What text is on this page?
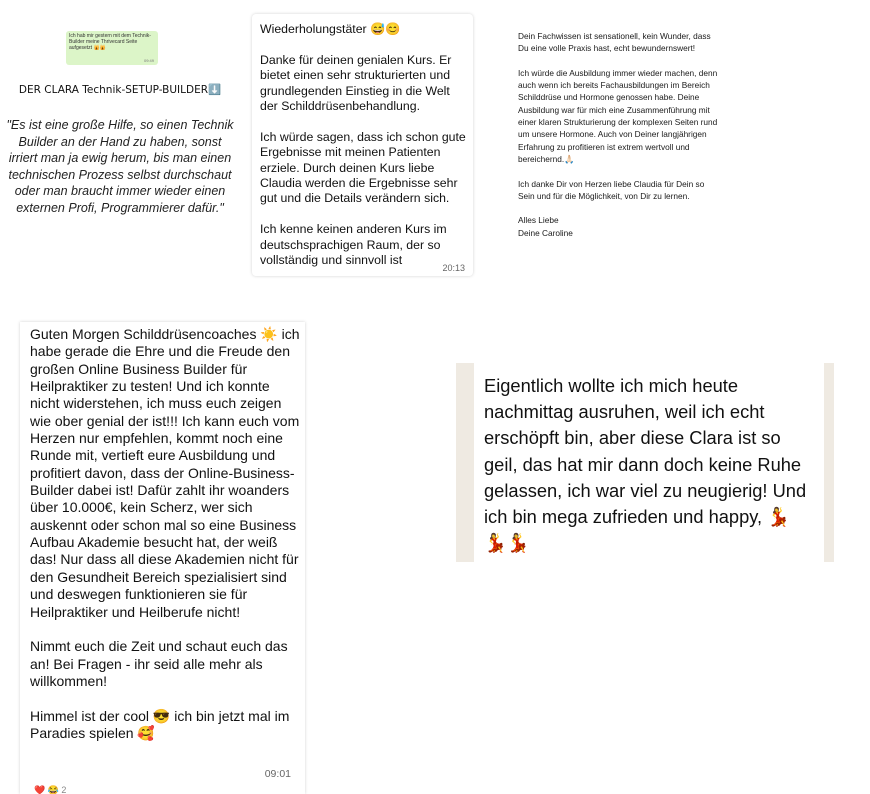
Ich hab mir gestern mit dem Technik-Builder meine Thrivecard Seite aufgesetzt 🙀🙀
09:49
DER CLARA Technik-SETUP-BUILDER⬇️
"Es ist eine große Hilfe, so einen Technik Builder an der Hand zu haben, sonst irriert man ja ewig herum, bis man einen technischen Prozess selbst durchschaut oder man braucht immer wieder einen externen Profi, Programmierer dafür."

Wiederholungstäter 😅😊

Danke für deinen genialen Kurs. Er bietet einen sehr strukturierten und grundlegenden Einstieg in die Welt der Schilddrüsenbehandlung.

Ich würde sagen, dass ich schon gute Ergebnisse mit meinen Patienten erziele. Durch deinen Kurs liebe Claudia werden die Ergebnisse sehr gut und die Details verändern sich.

Ich kenne keinen anderen Kurs im deutschsprachigen Raum, der so vollständig und sinnvoll ist

20:13

Dein Fachwissen ist sensationell, kein Wunder, dass Du eine volle Praxis hast, echt bewundernswert!

Ich würde die Ausbildung immer wieder machen, denn auch wenn ich bereits Fachausbildungen im Bereich Schilddrüse und Hormone genossen habe. Deine Ausbildung war für mich eine Zusammenführung mit einer klaren Strukturierung der komplexen Seiten rund um unsere Hormone. Auch von Deiner langjährigen Erfahrung zu profitieren ist extrem wertvoll und bereichernd.🙏🏻

Ich danke Dir von Herzen liebe Claudia für Dein so Sein und für die Möglichkeit, von Dir zu lernen.

Alles Liebe
Deine Caroline

Guten Morgen Schilddrüsencoaches ☀️ ich habe gerade die Ehre und die Freude den großen Online Business Builder für Heilpraktiker zu testen! Und ich konnte nicht widerstehen, ich muss euch zeigen wie ober genial der ist!!! Ich kann euch vom Herzen nur empfehlen, kommt noch eine Runde mit, vertieft eure Ausbildung und profitiert davon, dass der Online-Business-Builder dabei ist! Dafür zahlt ihr woanders über 10.000€, kein Scherz, wer sich auskennt oder schon mal so eine Business Aufbau Akademie besucht hat, der weiß das! Nur dass all diese Akademien nicht für den Gesundheit Bereich spezialisiert sind und deswegen funktionieren sie für Heilpraktiker und Heilberufe nicht!

Nimmt euch die Zeit und schaut euch das an! Bei Fragen - ihr seid alle mehr als willkommen!

Himmel ist der cool 😎 ich bin jetzt mal im Paradies spielen 🥰

09:01
❤️ 😂 2
Eigentlich wollte ich mich heute nachmittag ausruhen, weil ich echt erschöpft bin, aber diese Clara ist so geil, das hat mir dann doch keine Ruhe gelassen, ich war viel zu neugierig! Und ich bin mega zufrieden und happy, 💃💃💃
